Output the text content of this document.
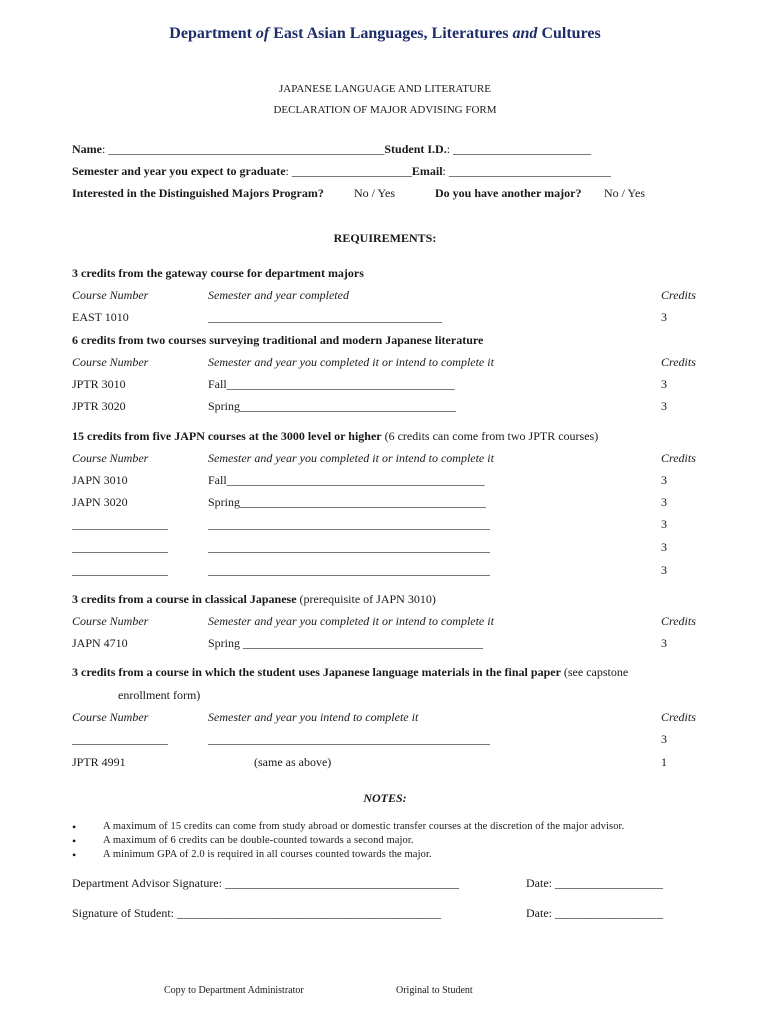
Department of East Asian Languages, Literatures and Cultures
JAPANESE LANGUAGE AND LITERATURE
DECLARATION OF MAJOR ADVISING FORM
Name: ______________________________________________Student I.D.: _______________________
Semester and year you expect to graduate: ____________________Email: ___________________________
Interested in the Distinguished Majors Program?	No / Yes	Do you have another major? No / Yes
REQUIREMENTS:
3 credits from the gateway course for department majors
Course Number	Semester and year completed	Credits
EAST 1010	_______________________________________	3
6 credits from two courses surveying traditional and modern Japanese literature
Course Number	Semester and year you completed it or intend to complete it	Credits
JPTR 3010	Fall______________________________________	3
JPTR 3020	Spring____________________________________	3
15 credits from five JAPN courses at the 3000 level or higher (6 credits can come from two JPTR courses)
Course Number	Semester and year you completed it or intend to complete it	Credits
JAPN 3010	Fall___________________________________________	3
JAPN 3020	Spring_________________________________________	3
________________	_______________________________________________	3
________________	_______________________________________________	3
________________	_______________________________________________	3
3 credits from a course in classical Japanese (prerequisite of JAPN 3010)
Course Number	Semester and year you completed it or intend to complete it	Credits
JAPN 4710	Spring ________________________________________	3
3 credits from a course in which the student uses Japanese language materials in the final paper (see capstone
enrollment form)
Course Number	Semester and year you intend to complete it	Credits
________________	_______________________________________________	3
JPTR 4991	(same as above)	1
NOTES:
•	A maximum of 15 credits can come from study abroad or domestic transfer courses at the discretion of the major advisor.
•	A maximum of 6 credits can be double-counted towards a second major.
•	A minimum GPA of 2.0 is required in all courses counted towards the major.
Department Advisor Signature: _______________________________________	Date: __________________
Signature of Student: ____________________________________________	Date: __________________
Copy to Department Administrator	Original to Student
